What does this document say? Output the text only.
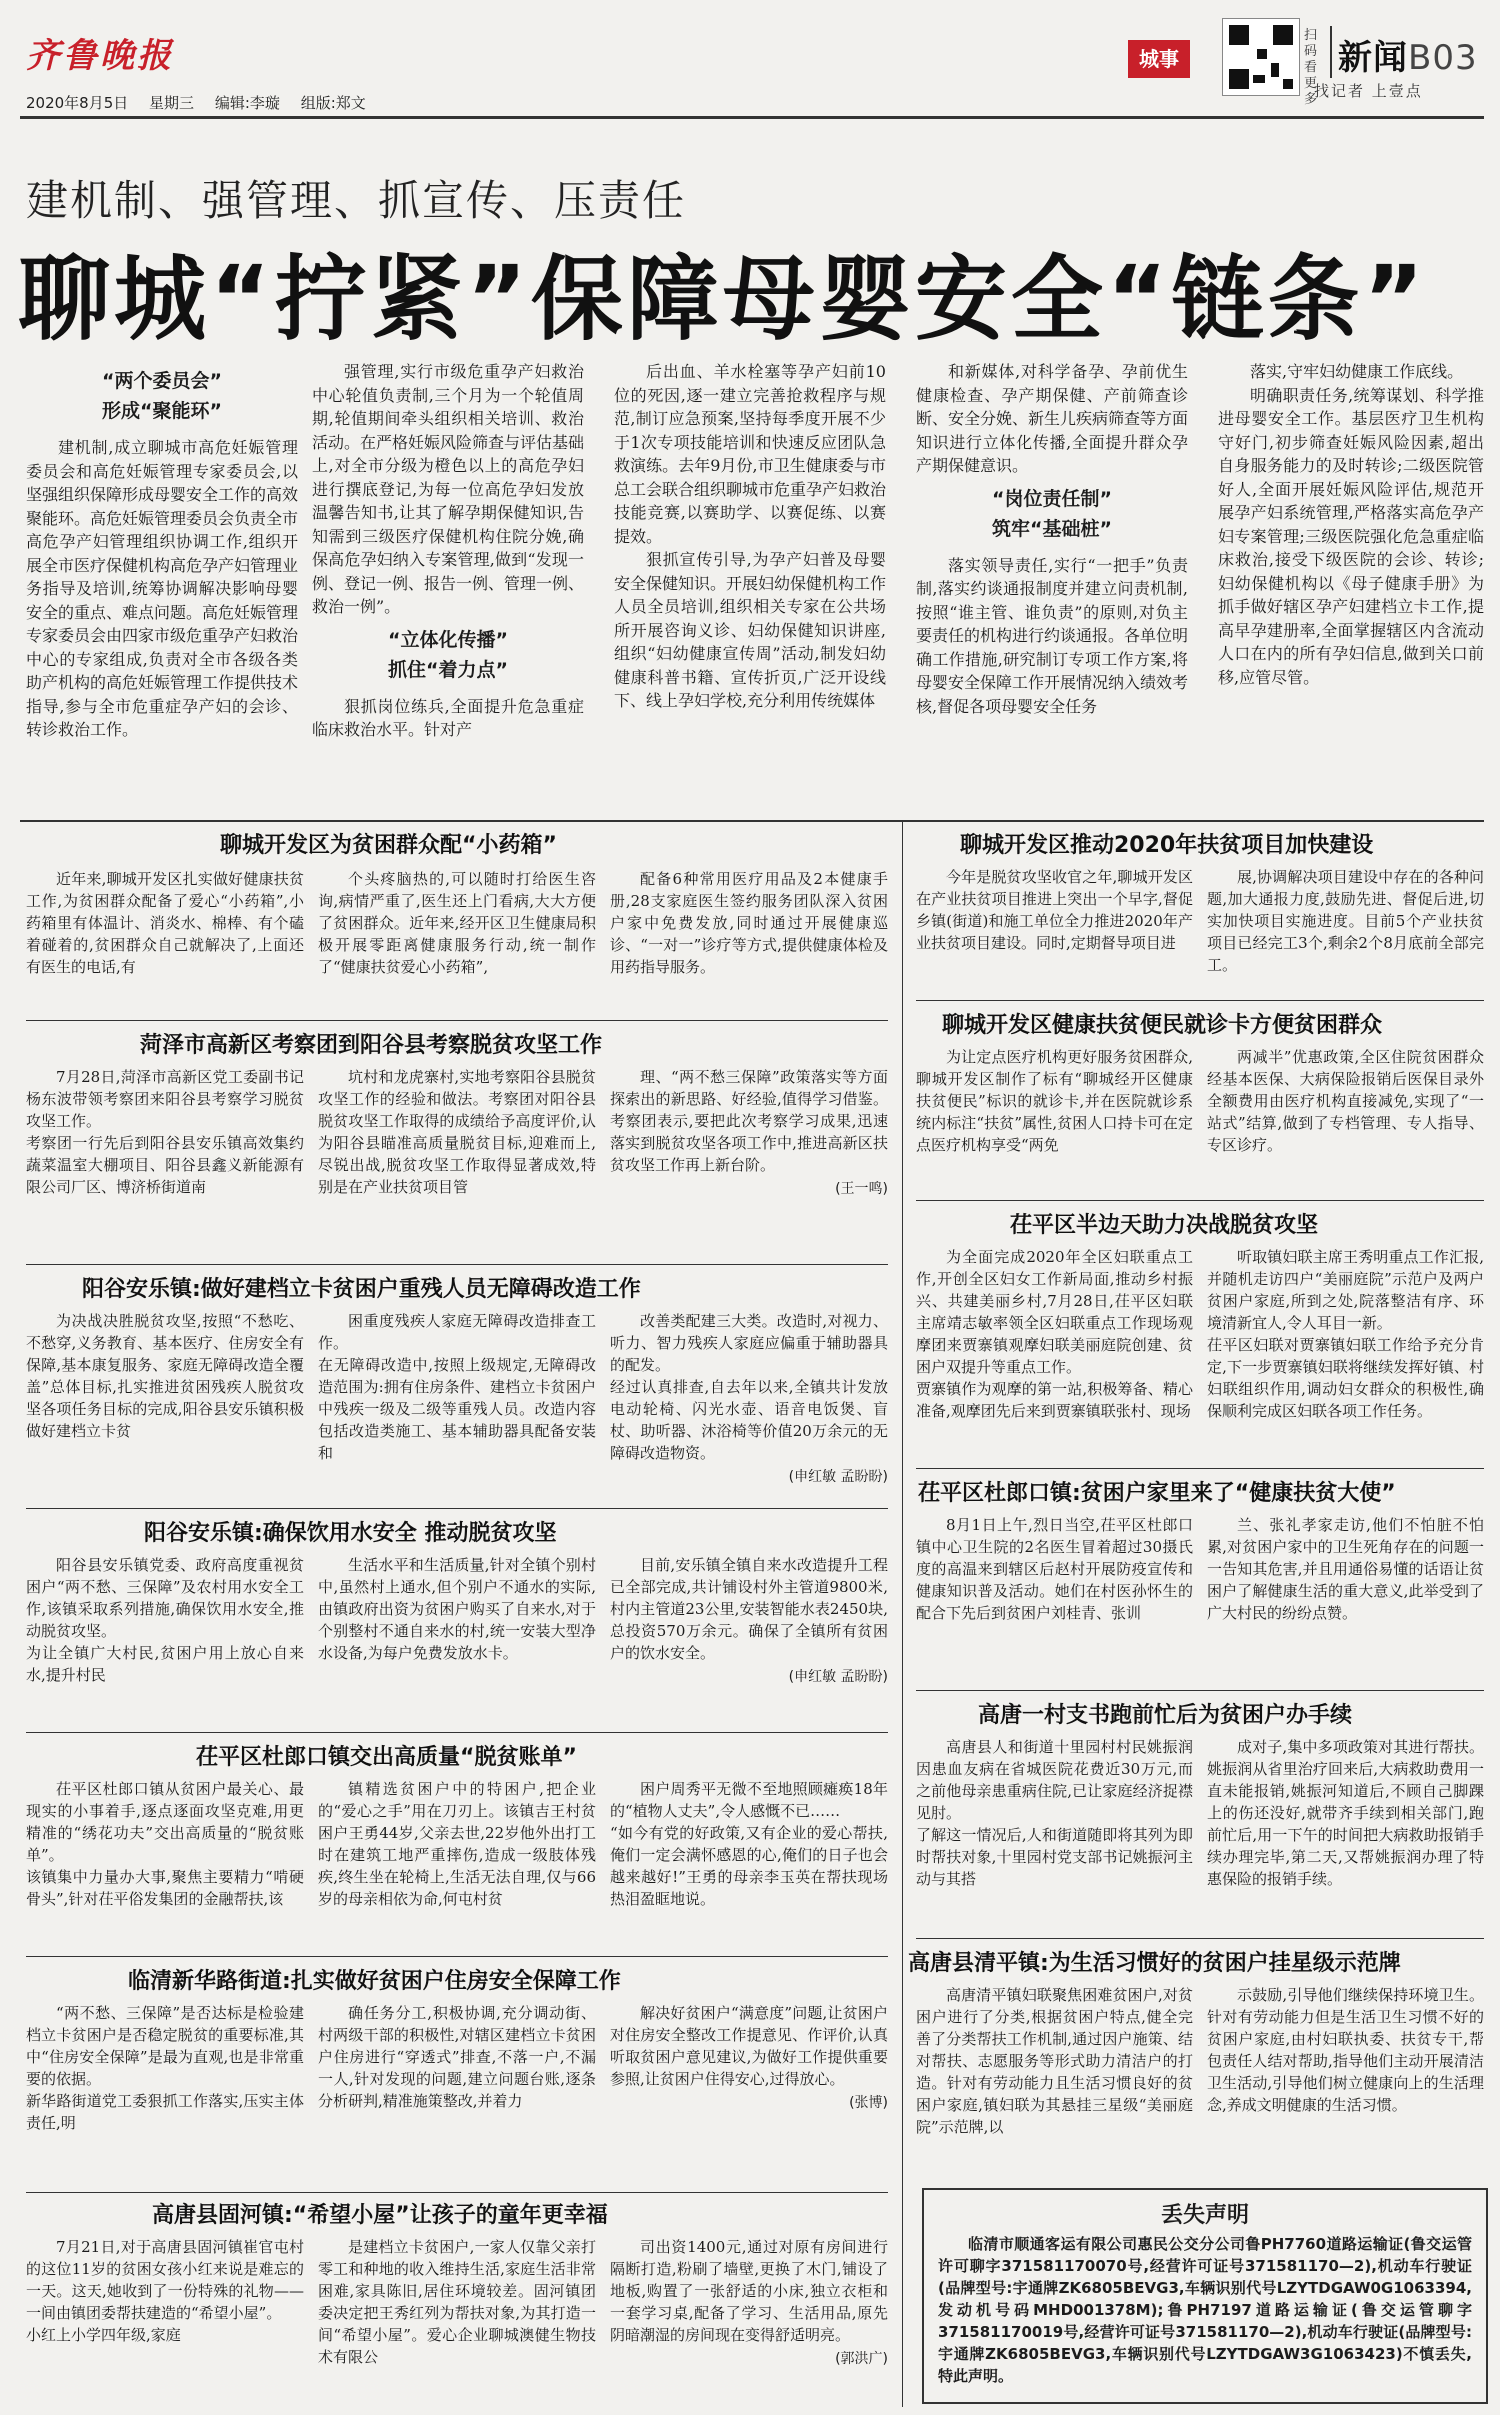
齐鲁晚报
2020年8月5日 星期三 编辑:李璇 组版:郑文
城事
扫码看更多
新闻B03
找记者 上壹点
建机制、强管理、抓宣传、压责任
聊城“拧紧”保障母婴安全“链条”
“两个委员会”
形成“聚能环”

建机制,成立聊城市高危妊娠管理委员会和高危妊娠管理专家委员会,以坚强组织保障形成母婴安全工作的高效聚能环。高危妊娠管理委员会负责全市高危孕产妇管理组织协调工作,组织开展全市医疗保健机构高危孕产妇管理业务指导及培训,统筹协调解决影响母婴安全的重点、难点问题。高危妊娠管理专家委员会由四家市级危重孕产妇救治中心的专家组成,负责对全市各级各类助产机构的高危妊娠管理工作提供技术指导,参与全市危重症孕产妇的会诊、转诊救治工作。

强管理,实行市级危重孕产妇救治中心轮值负责制,三个月为一个轮值周期,轮值期间牵头组织相关培训、救治活动。在严格妊娠风险筛查与评估基础上,对全市分级为橙色以上的高危孕妇进行撰底登记,为每一位高危孕妇发放温馨告知书,让其了解孕期保健知识,告知需到三级医疗保健机构住院分娩,确保高危孕妇纳入专案管理,做到“发现一例、登记一例、报告一例、管理一例、救治一例”。

“立体化传播”
抓住“着力点”

狠抓岗位练兵,全面提升危急重症临床救治水平。针对产

后出血、羊水栓塞等孕产妇前10位的死因,逐一建立完善抢救程序与规范,制订应急预案,坚持每季度开展不少于1次专项技能培训和快速反应团队急救演练。去年9月份,市卫生健康委与市总工会联合组织聊城市危重孕产妇救治技能竞赛,以赛助学、以赛促练、以赛提效。

狠抓宣传引导,为孕产妇普及母婴安全保健知识。开展妇幼保健机构工作人员全员培训,组织相关专家在公共场所开展咨询义诊、妇幼保健知识讲座,组织“妇幼健康宣传周”活动,制发妇幼健康科普书籍、宣传折页,广泛开设线下、线上孕妇学校,充分利用传统媒体

和新媒体,对科学备孕、孕前优生健康检查、孕产期保健、产前筛查诊断、安全分娩、新生儿疾病筛查等方面知识进行立体化传播,全面提升群众孕产期保健意识。

“岗位责任制”
筑牢“基础桩”

落实领导责任,实行“一把手”负责制,落实约谈通报制度并建立问责机制,按照“谁主管、谁负责”的原则,对负主要责任的机构进行约谈通报。各单位明确工作措施,研究制订专项工作方案,将母婴安全保障工作开展情况纳入绩效考核,督促各项母婴安全任务

落实,守牢妇幼健康工作底线。

明确职责任务,统筹谋划、科学推进母婴安全工作。基层医疗卫生机构守好门,初步筛查妊娠风险因素,超出自身服务能力的及时转诊;二级医院管好人,全面开展妊娠风险评估,规范开展孕产妇系统管理,严格落实高危孕产妇专案管理;三级医院强化危急重症临床救治,接受下级医院的会诊、转诊;妇幼保健机构以《母子健康手册》为抓手做好辖区孕产妇建档立卡工作,提高早孕建册率,全面掌握辖区内含流动人口在内的所有孕妇信息,做到关口前移,应管尽管。

聊城开发区为贫困群众配“小药箱”

近年来,聊城开发区扎实做好健康扶贫工作,为贫困群众配备了爱心“小药箱”,小药箱里有体温计、消炎水、棉棒、有个磕着碰着的,贫困群众自己就解决了,上面还有医生的电话,有

个头疼脑热的,可以随时打给医生咨询,病情严重了,医生还上门看病,大大方便了贫困群众。近年来,经开区卫生健康局积极开展零距离健康服务行动,统一制作了“健康扶贫爱心小药箱”,

配备6种常用医疗用品及2本健康手册,28支家庭医生签约服务团队深入贫困户家中免费发放,同时通过开展健康巡诊、“一对一”诊疗等方式,提供健康体检及用药指导服务。

菏泽市高新区考察团到阳谷县考察脱贫攻坚工作

7月28日,菏泽市高新区党工委副书记杨东波带领考察团来阳谷县考察学习脱贫攻坚工作。
考察团一行先后到阳谷县安乐镇高效集约蔬菜温室大棚项目、阳谷县鑫义新能源有限公司厂区、博济桥街道南

坑村和龙虎寨村,实地考察阳谷县脱贫攻坚工作的经验和做法。考察团对阳谷县脱贫攻坚工作取得的成绩给予高度评价,认为阳谷县瞄准高质量脱贫目标,迎难而上,尽锐出战,脱贫攻坚工作取得显著成效,特别是在产业扶贫项目管

理、“两不愁三保障”政策落实等方面探索出的新思路、好经验,值得学习借鉴。考察团表示,要把此次考察学习成果,迅速落实到脱贫攻坚各项工作中,推进高新区扶贫攻坚工作再上新台阶。

(王一鸣)
阳谷安乐镇:做好建档立卡贫困户重残人员无障碍改造工作

为决战决胜脱贫攻坚,按照“不愁吃、不愁穿,义务教育、基本医疗、住房安全有保障,基本康复服务、家庭无障碍改造全覆盖”总体目标,扎实推进贫困残疾人脱贫攻坚各项任务目标的完成,阳谷县安乐镇积极做好建档立卡贫

困重度残疾人家庭无障碍改造排查工作。
在无障碍改造中,按照上级规定,无障碍改造范围为:拥有住房条件、建档立卡贫困户中残疾一级及二级等重残人员。改造内容包括改造类施工、基本辅助器具配备安装和

改善类配建三大类。改造时,对视力、听力、智力残疾人家庭应偏重于辅助器具的配发。
经过认真排查,自去年以来,全镇共计发放电动轮椅、闪光水壶、语音电饭煲、盲杖、助听器、沐浴椅等价值20万余元的无障碍改造物资。

(申红敏 孟盼盼)
阳谷安乐镇:确保饮用水安全 推动脱贫攻坚

阳谷县安乐镇党委、政府高度重视贫困户“两不愁、三保障”及农村用水安全工作,该镇采取系列措施,确保饮用水安全,推动脱贫攻坚。
为让全镇广大村民,贫困户用上放心自来水,提升村民

生活水平和生活质量,针对全镇个别村中,虽然村上通水,但个别户不通水的实际,由镇政府出资为贫困户购买了自来水,对于个别整村不通自来水的村,统一安装大型净水设备,为每户免费发放水卡。

目前,安乐镇全镇自来水改造提升工程已全部完成,共计铺设村外主管道9800米,村内主管道23公里,安装智能水表2450块,总投资570万余元。确保了全镇所有贫困户的饮水安全。

(申红敏 孟盼盼)
茌平区杜郎口镇交出高质量“脱贫账单”

茌平区杜郎口镇从贫困户最关心、最现实的小事着手,逐点逐面攻坚克难,用更精准的“绣花功夫”交出高质量的“脱贫账单”。
该镇集中力量办大事,聚焦主要精力“啃硬骨头”,针对茌平俗发集团的金融帮扶,该

镇精选贫困户中的特困户,把企业的“爱心之手”用在刀刃上。该镇吉王村贫困户王勇44岁,父亲去世,22岁他外出打工时在建筑工地严重摔伤,造成一级肢体残疾,终生坐在轮椅上,生活无法自理,仅与66岁的母亲相依为命,何屯村贫

困户周秀平无微不至地照顾瘫痪18年的“植物人丈夫”,令人感慨不已……
“如今有党的好政策,又有企业的爱心帮扶,俺们一定会满怀感恩的心,俺们的日子也会越来越好!”王勇的母亲李玉英在帮扶现场热泪盈眶地说。

临清新华路街道:扎实做好贫困户住房安全保障工作

“两不愁、三保障”是否达标是检验建档立卡贫困户是否稳定脱贫的重要标准,其中“住房安全保障”是最为直观,也是非常重要的依据。
新华路街道党工委狠抓工作落实,压实主体责任,明

确任务分工,积极协调,充分调动街、村两级干部的积极性,对辖区建档立卡贫困户住房进行“穿透式”排查,不落一户,不漏一人,针对发现的问题,建立问题台账,逐条分析研判,精准施策整改,并着力

解决好贫困户“满意度”问题,让贫困户对住房安全整改工作提意见、作评价,认真听取贫困户意见建议,为做好工作提供重要参照,让贫困户住得安心,过得放心。

(张博)
高唐县固河镇:“希望小屋”让孩子的童年更幸福

7月21日,对于高唐县固河镇崔官屯村的这位11岁的贫困女孩小红来说是难忘的一天。这天,她收到了一份特殊的礼物——一间由镇团委帮扶建造的“希望小屋”。
小红上小学四年级,家庭

是建档立卡贫困户,一家人仅靠父亲打零工和种地的收入维持生活,家庭生活非常困难,家具陈旧,居住环境较差。固河镇团委决定把王秀红列为帮扶对象,为其打造一间“希望小屋”。爱心企业聊城澳健生物技术有限公

司出资1400元,通过对原有房间进行隔断打造,粉刷了墙壁,更换了木门,铺设了地板,购置了一张舒适的小床,独立衣柜和一套学习桌,配备了学习、生活用品,原先阴暗潮湿的房间现在变得舒适明亮。

(郭洪广)
聊城开发区推动2020年扶贫项目加快建设

今年是脱贫攻坚收官之年,聊城开发区在产业扶贫项目推进上突出一个早字,督促乡镇(街道)和施工单位全力推进2020年产业扶贫项目建设。同时,定期督导项目进

展,协调解决项目建设中存在的各种问题,加大通报力度,鼓励先进、督促后进,切实加快项目实施进度。目前5个产业扶贫项目已经完工3个,剩余2个8月底前全部完工。

聊城开发区健康扶贫便民就诊卡方便贫困群众

为让定点医疗机构更好服务贫困群众,聊城开发区制作了标有“聊城经开区健康扶贫便民”标识的就诊卡,并在医院就诊系统内标注“扶贫”属性,贫困人口持卡可在定点医疗机构享受“两免

两减半”优惠政策,全区住院贫困群众经基本医保、大病保险报销后医保目录外全额费用由医疗机构直接减免,实现了“一站式”结算,做到了专档管理、专人指导、专区诊疗。

茌平区半边天助力决战脱贫攻坚

为全面完成2020年全区妇联重点工作,开创全区妇女工作新局面,推动乡村振兴、共建美丽乡村,7月28日,茌平区妇联主席靖志敏率领全区妇联重点工作现场观摩团来贾寨镇观摩妇联美丽庭院创建、贫困户双提升等重点工作。
贾寨镇作为观摩的第一站,积极筹备、精心准备,观摩团先后来到贾寨镇联张村、现场

听取镇妇联主席王秀明重点工作汇报,并随机走访四户“美丽庭院”示范户及两户贫困户家庭,所到之处,院落整洁有序、环境清新宜人,令人耳目一新。
茌平区妇联对贾寨镇妇联工作给予充分肯定,下一步贾寨镇妇联将继续发挥好镇、村妇联组织作用,调动妇女群众的积极性,确保顺利完成区妇联各项工作任务。

茌平区杜郎口镇:贫困户家里来了“健康扶贫大使”

8月1日上午,烈日当空,茌平区杜郎口镇中心卫生院的2名医生冒着超过30摄氏度的高温来到辖区后赵村开展防疫宣传和健康知识普及活动。她们在村医孙怀生的配合下先后到贫困户刘桂青、张训

兰、张礼孝家走访,他们不怕脏不怕累,对贫困户家中的卫生死角存在的问题一一告知其危害,并且用通俗易懂的话语让贫困户了解健康生活的重大意义,此举受到了广大村民的纷纷点赞。

高唐一村支书跑前忙后为贫困户办手续

高唐县人和街道十里园村村民姚振润因患血友病在省城医院花费近30万元,而之前他母亲患重病住院,已让家庭经济捉襟见肘。
了解这一情况后,人和街道随即将其列为即时帮扶对象,十里园村党支部书记姚振河主动与其搭

成对子,集中多项政策对其进行帮扶。姚振润从省里治疗回来后,大病救助费用一直未能报销,姚振河知道后,不顾自己脚踝上的伤还没好,就带齐手续到相关部门,跑前忙后,用一下午的时间把大病救助报销手续办理完毕,第二天,又帮姚振润办理了特惠保险的报销手续。

高唐县清平镇:为生活习惯好的贫困户挂星级示范牌

高唐清平镇妇联聚焦困难贫困户,对贫困户进行了分类,根据贫困户特点,健全完善了分类帮扶工作机制,通过因户施策、结对帮扶、志愿服务等形式助力清洁户的打造。针对有劳动能力且生活习惯良好的贫困户家庭,镇妇联为其悬挂三星级“美丽庭院”示范牌,以

示鼓励,引导他们继续保持环境卫生。针对有劳动能力但是生活卫生习惯不好的贫困户家庭,由村妇联执委、扶贫专干,帮包责任人结对帮助,指导他们主动开展清洁卫生活动,引导他们树立健康向上的生活理念,养成文明健康的生活习惯。

丢失声明
临清市顺通客运有限公司惠民公交分公司鲁PH7760道路运输证(鲁交运管许可聊字371581170070号,经营许可证号371581170—2),机动车行驶证(品牌型号:宇通牌ZK6805BEVG3,车辆识别代号LZYTDGAW0G1063394,发动机号码MHD001378M);鲁PH7197道路运输证(鲁交运管聊字371581170019号,经营许可证号371581170—2),机动车行驶证(品牌型号:宇通牌ZK6805BEVG3,车辆识别代号LZYTDGAW3G1063423)不慎丢失,特此声明。
